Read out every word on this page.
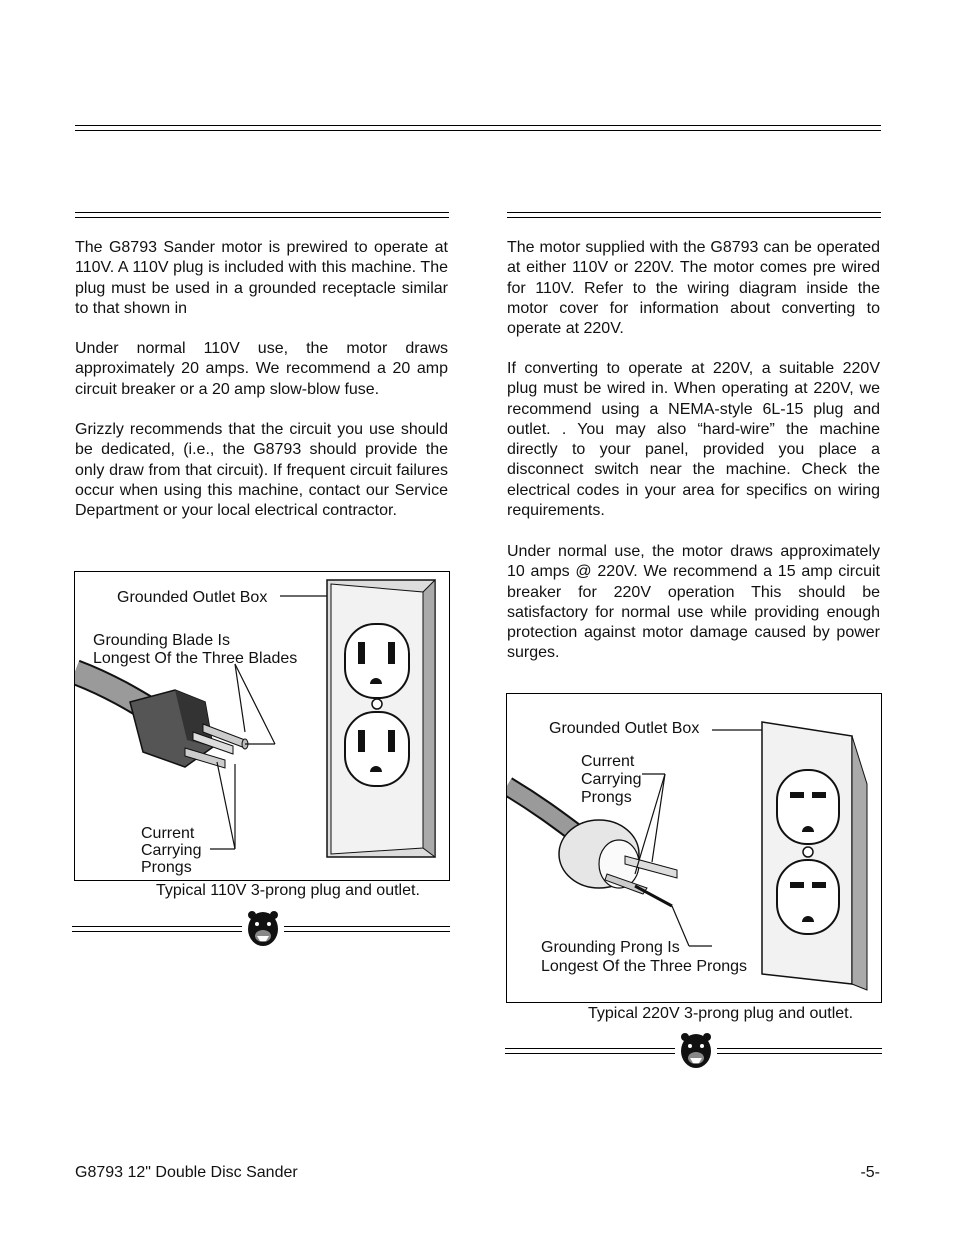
The G8793 Sander motor is prewired to operate at 110V. A 110V plug is included with this machine. The plug must be used in a grounded receptacle similar to that shown in

Under normal 110V use, the motor draws approximately 20 amps. We recommend a 20 amp circuit breaker or a 20 amp slow-blow fuse.

Grizzly recommends that the circuit you use should be dedicated, (i.e., the G8793 should provide the only draw from that circuit). If frequent circuit failures occur when using this machine, contact our Service Department or your local electrical contractor.

The motor supplied with the G8793 can be operated at either 110V or 220V. The motor comes pre wired for 110V. Refer to the wiring diagram inside the motor cover for information about converting to operate at 220V.

If converting to operate at 220V, a suitable 220V plug must be wired in. When operating at 220V, we recommend using a NEMA-style 6L-15 plug and outlet. . You may also “hard-wire” the machine directly to your panel, provided you place a disconnect switch near the machine. Check the electrical codes in your area for specifics on wiring requirements.

Under normal use, the motor draws approximately 10 amps @ 220V. We recommend a 15 amp circuit breaker for 220V operation This should be satisfactory for normal use while providing enough protection against motor damage caused by power surges.

Grounded Outlet Box
Grounding Blade Is
Longest Of the Three Blades
Current
Carrying
Prongs
Typical 110V 3-prong plug and outlet.
Grounded Outlet Box
Current
Carrying
Prongs
Grounding Prong Is
Longest Of the Three Prongs
Typical 220V 3-prong plug and outlet.
G8793 12" Double Disc Sander	-5-
